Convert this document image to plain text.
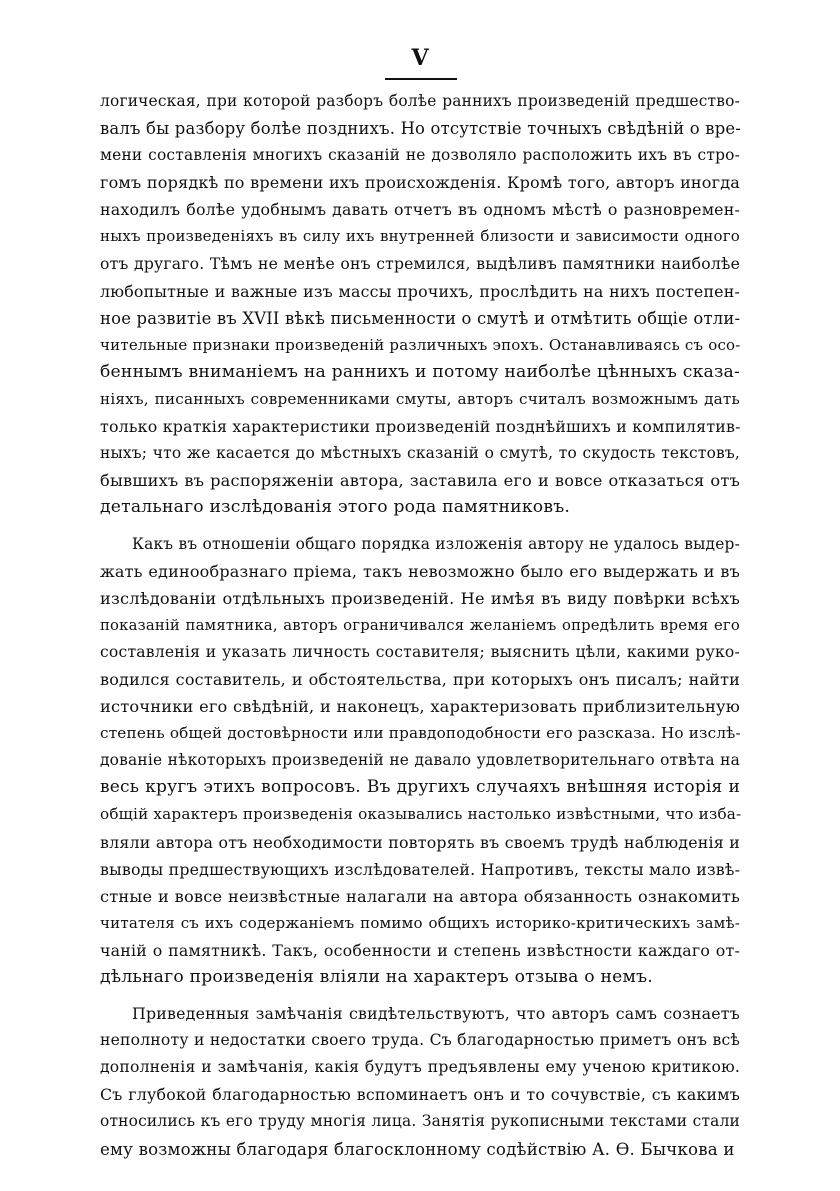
V
логическая, при которой разборъ болѣе раннихъ произведеній предшество-
валъ бы разбору болѣе позднихъ. Но отсутствіе точныхъ свѣдѣній о вре-
мени составленія многихъ сказаній не дозволяло расположить ихъ въ стро-
гомъ порядкѣ по времени ихъ происхожденія. Кромѣ того, авторъ иногда
находилъ болѣе удобнымъ давать отчетъ въ одномъ мѣстѣ о разновремен-
ныхъ произведеніяхъ въ силу ихъ внутренней близости и зависимости одного
отъ другаго. Тѣмъ не менѣе онъ стремился, выдѣливъ памятники наиболѣе
любопытные и важные изъ массы прочихъ, прослѣдить на нихъ постепен-
ное развитіе въ XVII вѣкѣ письменности о смутѣ и отмѣтить общіе отли-
чительные признаки произведеній различныхъ эпохъ. Останавливаясь съ осо-
беннымъ вниманіемъ на раннихъ и потому наиболѣе цѣнныхъ сказа-
ніяхъ, писанныхъ современниками смуты, авторъ считалъ возможнымъ дать
только краткія характеристики произведеній позднѣйшихъ и компилятив-
ныхъ; что же касается до мѣстныхъ сказаній о смутѣ, то скудость текстовъ,
бывшихъ въ распоряженіи автора, заставила его и вовсе отказаться отъ
детальнаго изслѣдованія этого рода памятниковъ.
Какъ въ отношеніи общаго порядка изложенія автору не удалось выдер-
жать единообразнаго пріема, такъ невозможно было его выдержать и въ
изслѣдованіи отдѣльныхъ произведеній. Не имѣя въ виду повѣрки всѣхъ
показаній памятника, авторъ ограничивался желаніемъ опредѣлить время его
составленія и указать личность составителя; выяснить цѣли, какими руко-
водился составитель, и обстоятельства, при которыхъ онъ писалъ; найти
источники его свѣдѣній, и наконецъ, характеризовать приблизительную
степень общей достовѣрности или правдоподобности его разсказа. Но изслѣ-
дованіе нѣкоторыхъ произведеній не давало удовлетворительнаго отвѣта на
весь кругъ этихъ вопросовъ. Въ другихъ случаяхъ внѣшняя исторія и
общій характеръ произведенія оказывались настолько извѣстными, что изба-
вляли автора отъ необходимости повторять въ своемъ трудѣ наблюденія и
выводы предшествующихъ изслѣдователей. Напротивъ, тексты мало извѣ-
стные и вовсе неизвѣстные налагали на автора обязанность ознакомить
читателя съ ихъ содержаніемъ помимо общихъ историко-критическихъ замѣ-
чаній о памятникѣ. Такъ, особенности и степень извѣстности каждаго от-
дѣльнаго произведенія вліяли на характеръ отзыва о немъ.
Приведенныя замѣчанія свидѣтельствуютъ, что авторъ самъ сознаетъ
неполноту и недостатки своего труда. Съ благодарностью приметъ онъ всѣ
дополненія и замѣчанія, какія будутъ предъявлены ему ученою критикою.
Съ глубокой благодарностью вспоминаетъ онъ и то сочувствіе, съ какимъ
относились къ его труду многія лица. Занятія рукописными текстами стали
ему возможны благодаря благосклонному содѣйствію А. Ѳ. Бычкова и
